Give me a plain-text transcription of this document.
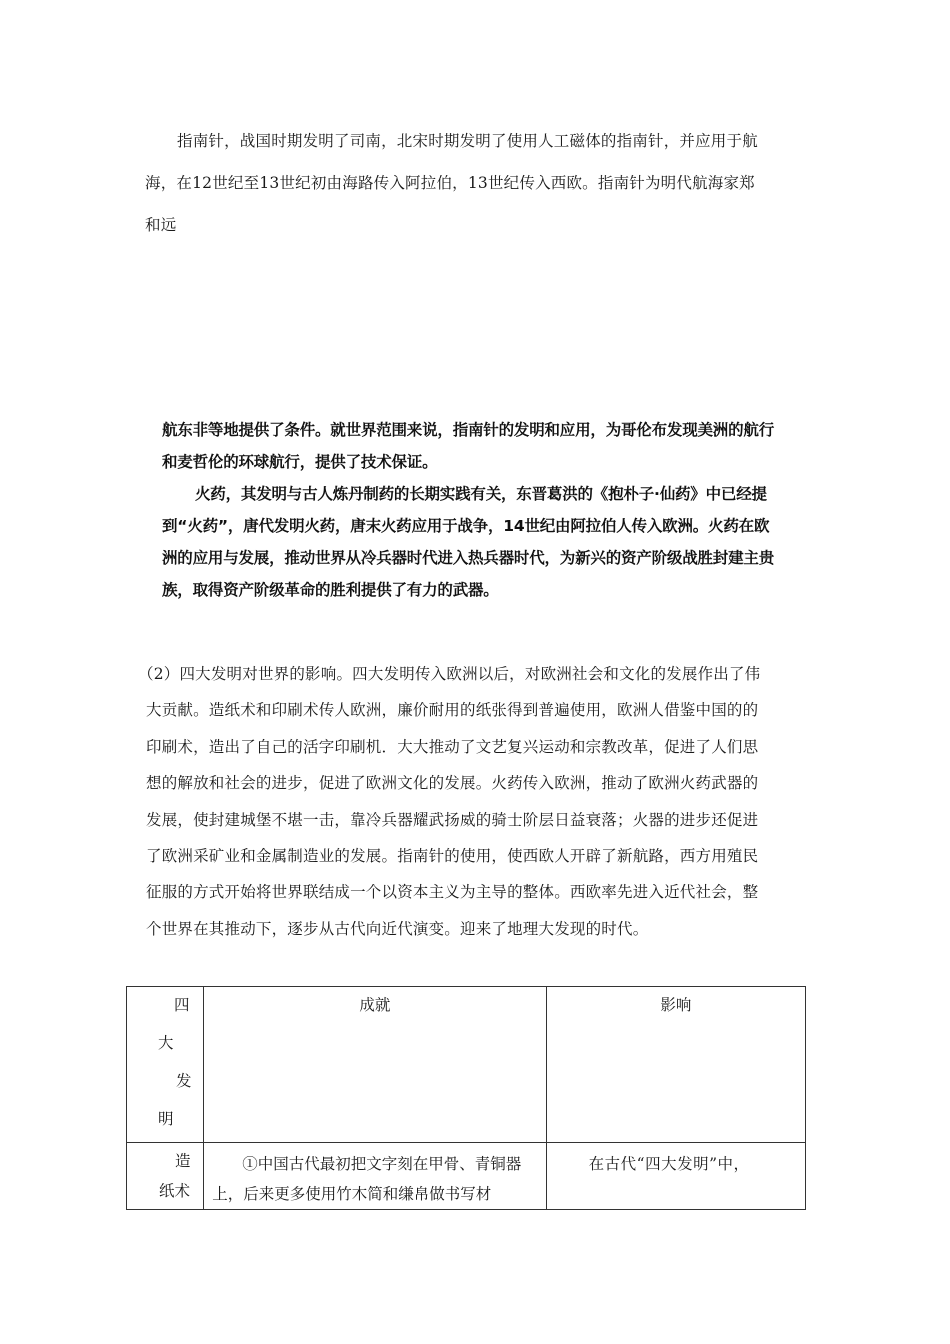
指南针，战国时期发明了司南，北宋时期发明了使用人工磁体的指南针，并应用于航
海，在12世纪至13世纪初由海路传入阿拉伯，13世纪传入西欧。指南针为明代航海家郑
和远

航东非等地提供了条件。就世界范围来说，指南针的发明和应用，为哥伦布发现美洲的航行

和麦哲伦的环球航行，提供了技术保证。

火药，其发明与古人炼丹制药的长期实践有关，东晋葛洪的《抱朴子·仙药》中已经提

到“火药”，唐代发明火药，唐末火药应用于战争，14世纪由阿拉伯人传入欧洲。火药在欧

洲的应用与发展，推动世界从冷兵器时代进入热兵器时代，为新兴的资产阶级战胜封建主贵

族，取得资产阶级革命的胜利提供了有力的武器。

（2）四大发明对世界的影响。四大发明传入欧洲以后，对欧洲社会和文化的发展作出了伟
大贡献。造纸术和印刷术传人欧洲，廉价耐用的纸张得到普遍使用，欧洲人借鉴中国的的
印刷术，造出了自己的活字印刷机．大大推动了文艺复兴运动和宗教改革，促进了人们思
想的解放和社会的进步，促进了欧洲文化的发展。火药传入欧洲，推动了欧洲火药武器的
发展，使封建城堡不堪一击，靠冷兵器耀武扬威的骑士阶层日益衰落；火器的进步还促进
了欧洲采矿业和金属制造业的发展。指南针的使用，使西欧人开辟了新航路，西方用殖民
征服的方式开始将世界联结成一个以资本主义为主导的整体。西欧率先进入近代社会，整
个世界在其推动下，逐步从古代向近代演变。迎来了地理大发现的时代。
四
大
发
明	成就	影响

造
纸术	①中国古代最初把文字刻在甲骨、青铜器上，后来更多使用竹木简和缣帛做书写材	在古代“四大发明”中，
